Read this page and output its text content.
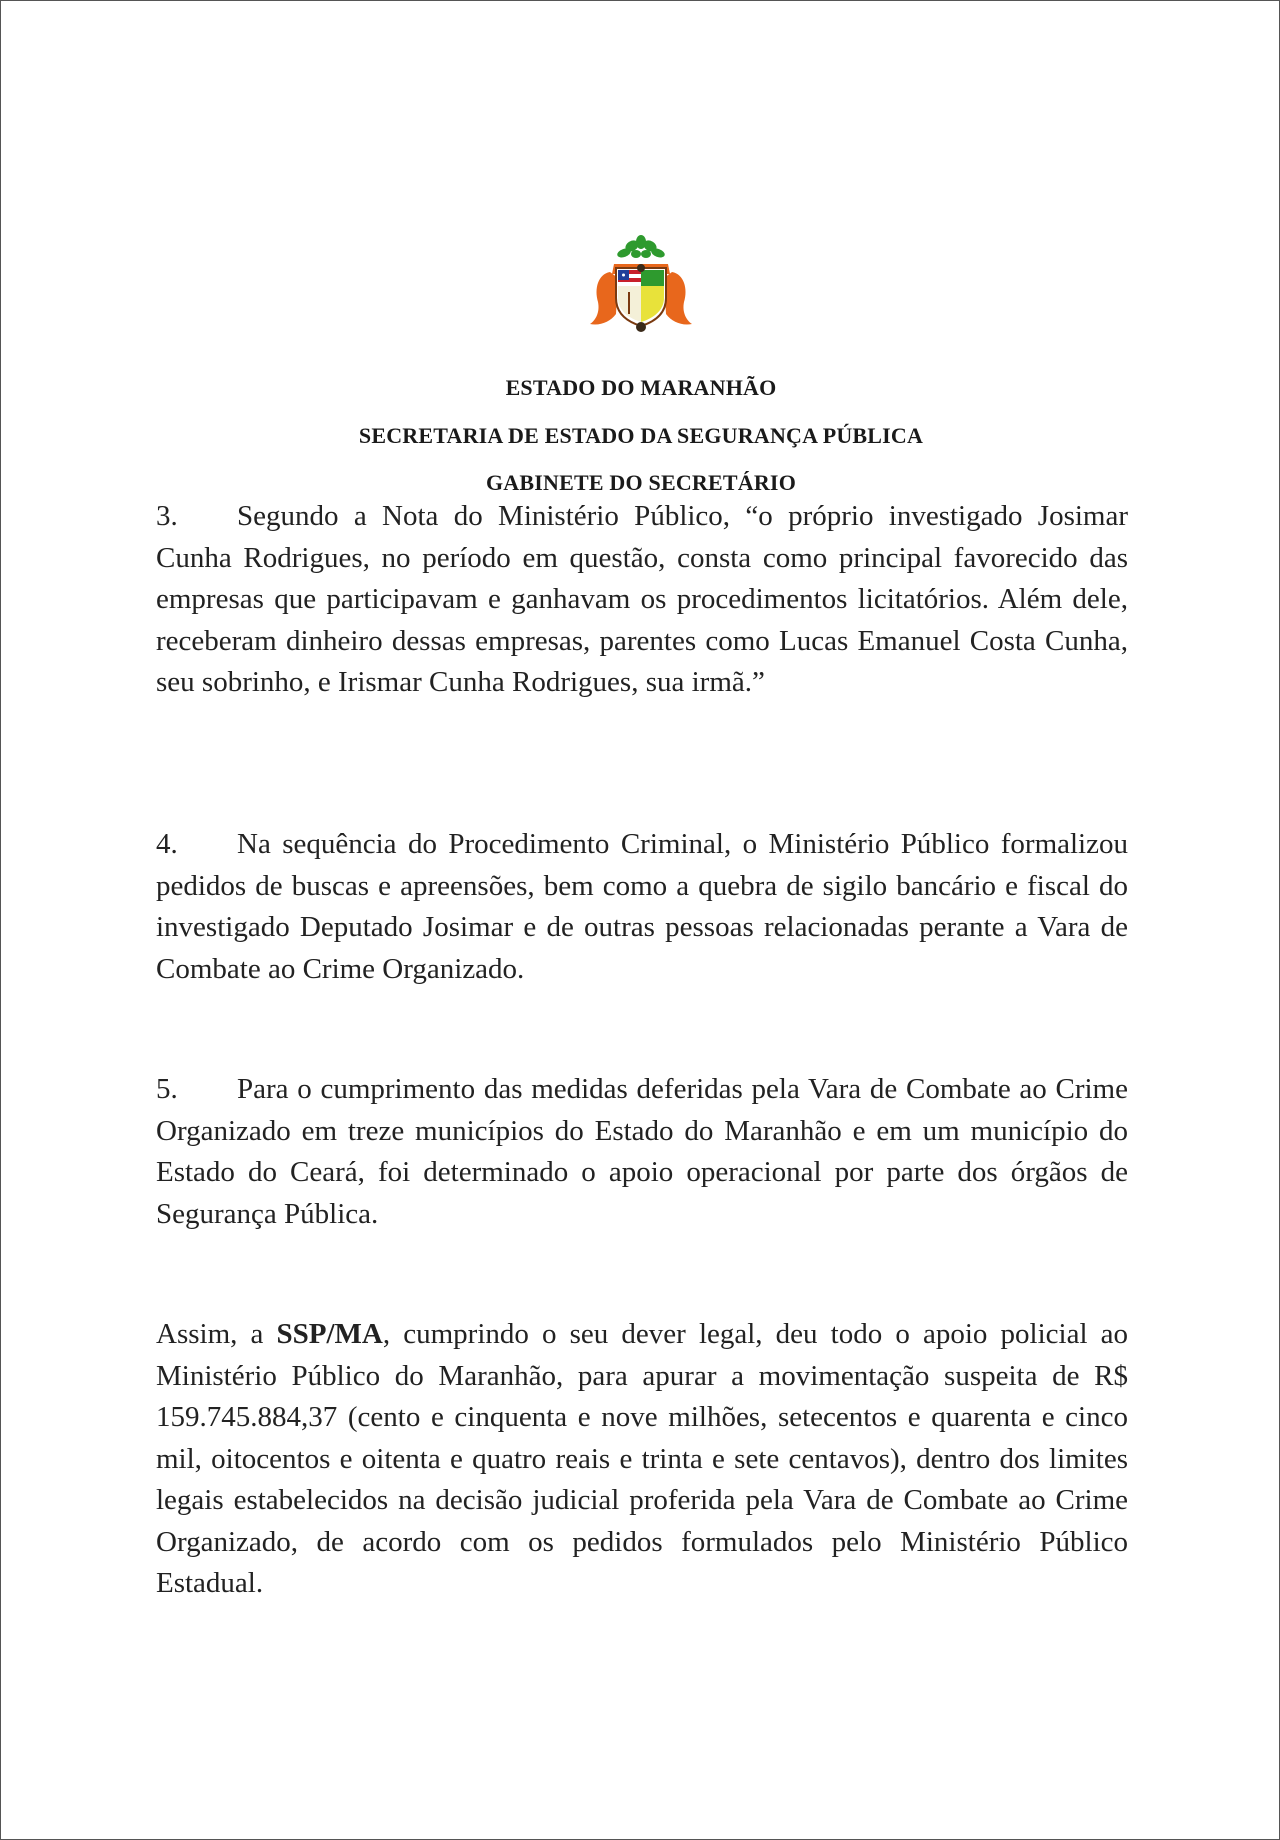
ESTADO DO MARANHÃO
SECRETARIA DE ESTADO DA SEGURANÇA PÚBLICA
GABINETE DO SECRETÁRIO
3. Segundo a Nota do Ministério Público, “o próprio investigado Josimar Cunha Rodrigues, no período em questão, consta como principal favorecido das empresas que participavam e ganhavam os procedimentos licitatórios. Além dele, receberam dinheiro dessas empresas, parentes como Lucas Emanuel Costa Cunha, seu sobrinho, e Irismar Cunha Rodrigues, sua irmã.”
4. Na sequência do Procedimento Criminal, o Ministério Público formalizou pedidos de buscas e apreensões, bem como a quebra de sigilo bancário e fiscal do investigado Deputado Josimar e de outras pessoas relacionadas perante a Vara de Combate ao Crime Organizado.
5. Para o cumprimento das medidas deferidas pela Vara de Combate ao Crime Organizado em treze municípios do Estado do Maranhão e em um município do Estado do Ceará, foi determinado o apoio operacional por parte dos órgãos de Segurança Pública.
Assim, a SSP/MA, cumprindo o seu dever legal, deu todo o apoio policial ao Ministério Público do Maranhão, para apurar a movimentação suspeita de R$ 159.745.884,37 (cento e cinquenta e nove milhões, setecentos e quarenta e cinco mil, oitocentos e oitenta e quatro reais e trinta e sete centavos), dentro dos limites legais estabelecidos na decisão judicial proferida pela Vara de Combate ao Crime Organizado, de acordo com os pedidos formulados pelo Ministério Público Estadual.
